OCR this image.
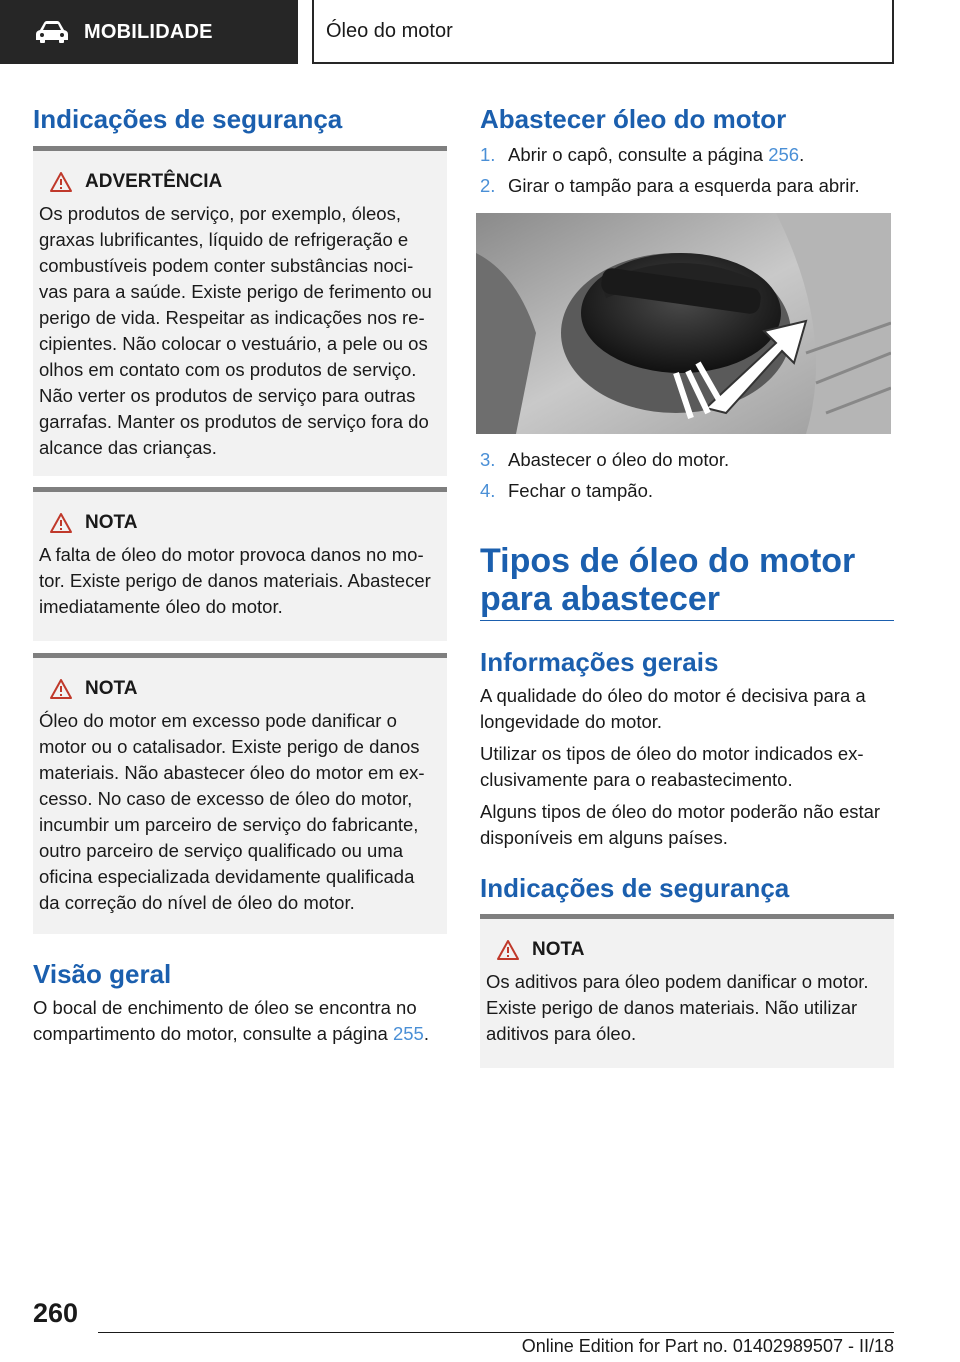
MOBILIDADE	Óleo do motor
Indicações de segurança
ADVERTÊNCIA
Os produtos de serviço, por exemplo, óleos,
graxas lubrificantes, líquido de refrigeração e
combustíveis podem conter substâncias noci-
vas para a saúde. Existe perigo de ferimento ou
perigo de vida. Respeitar as indicações nos re-
cipientes. Não colocar o vestuário, a pele ou os
olhos em contato com os produtos de serviço.
Não verter os produtos de serviço para outras
garrafas. Manter os produtos de serviço fora do
alcance das crianças.
NOTA
A falta de óleo do motor provoca danos no mo-
tor. Existe perigo de danos materiais. Abastecer
imediatamente óleo do motor.
NOTA
Óleo do motor em excesso pode danificar o
motor ou o catalisador. Existe perigo de danos
materiais. Não abastecer óleo do motor em ex-
cesso. No caso de excesso de óleo do motor,
incumbir um parceiro de serviço do fabricante,
outro parceiro de serviço qualificado ou uma
oficina especializada devidamente qualificada
da correção do nível de óleo do motor.
Visão geral
O bocal de enchimento de óleo se encontra no
compartimento do motor, consulte a página 255.
Abastecer óleo do motor
1. Abrir o capô, consulte a página 256.
2. Girar o tampão para a esquerda para abrir.
3. Abastecer o óleo do motor.
4. Fechar o tampão.
Tipos de óleo do motor
para abastecer
Informações gerais
A qualidade do óleo do motor é decisiva para a
longevidade do motor.
Utilizar os tipos de óleo do motor indicados ex-
clusivamente para o reabastecimento.
Alguns tipos de óleo do motor poderão não estar
disponíveis em alguns países.
Indicações de segurança
NOTA
Os aditivos para óleo podem danificar o motor.
Existe perigo de danos materiais. Não utilizar
aditivos para óleo.
260
Online Edition for Part no. 01402989507 - II/18
